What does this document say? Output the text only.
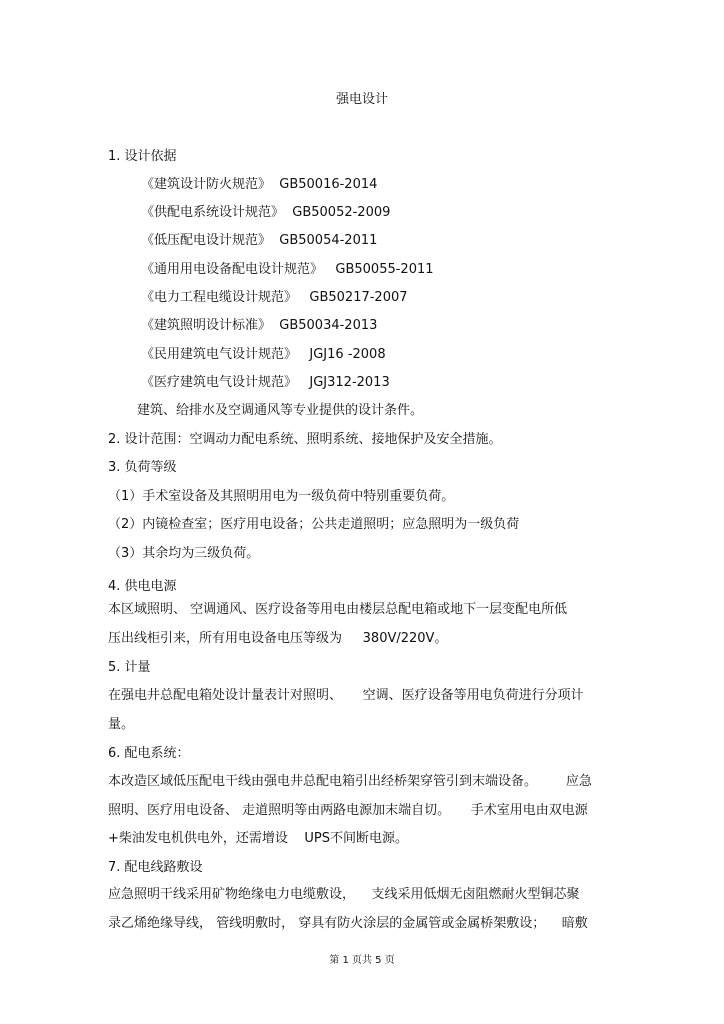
强电设计
1. 设计依据
《建筑设计防火规范》  GB50016-2014
《供配电系统设计规范》  GB50052-2009
《低压配电设计规范》  GB50054-2011
《通用用电设备配电设计规范》   GB50055-2011
《电力工程电缆设计规范》   GB50217-2007
《建筑照明设计标准》  GB50034-2013
《民用建筑电气设计规范》   JGJ16 -2008
《医疗建筑电气设计规范》   JGJ312-2013
建筑、给排水及空调通风等专业提供的设计条件。
2. 设计范围：空调动力配电系统、照明系统、接地保护及安全措施。
3. 负荷等级
（1）手术室设备及其照明用电为一级负荷中特别重要负荷。
（2）内镜检查室；医疗用电设备；公共走道照明；应急照明为一级负荷
（3）其余均为三级负荷。
4. 供电电源
本区域照明、 空调通风、医疗设备等用电由楼层总配电箱或地下一层变配电所低
压出线柜引来，所有用电设备电压等级为     380V/220V。
5. 计量
在强电井总配电箱处设计量表计对照明、     空调、医疗设备等用电负荷进行分项计
量。
6. 配电系统：
本改造区域低压配电干线由强电井总配电箱引出经桥架穿管引到末端设备。       应急
照明、医疗用电设备、 走道照明等由两路电源加末端自切。     手术室用电由双电源
+柴油发电机供电外，还需增设    UPS不间断电源。
7. 配电线路敷设
应急照明干线采用矿物绝缘电力电缆敷设，    支线采用低烟无卤阻燃耐火型铜芯聚
录乙烯绝缘导线， 管线明敷时， 穿具有防火涂层的金属管或金属桥架敷设；    暗敷
第 1 页共 5 页
